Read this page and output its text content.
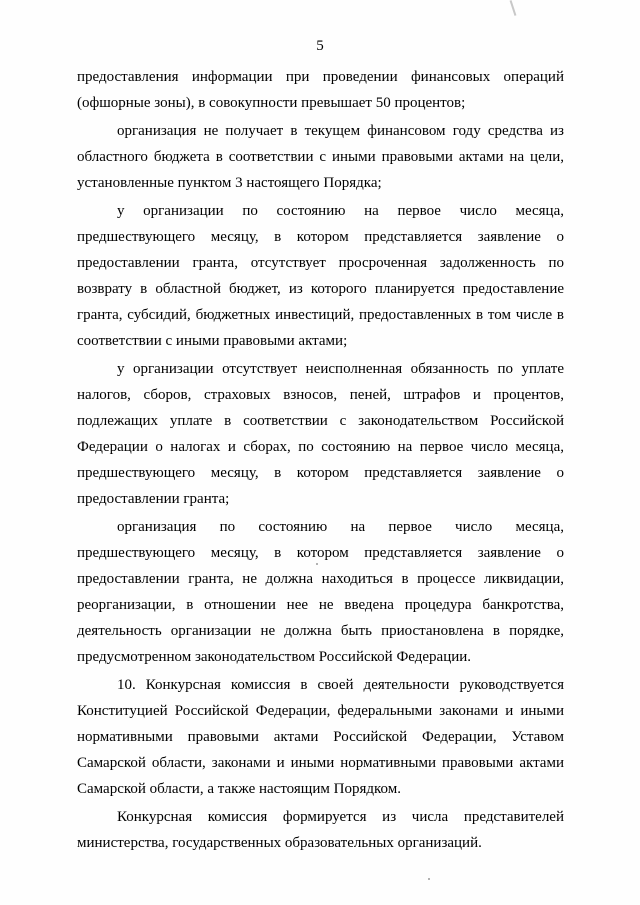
5
предоставления информации при проведении финансовых операций
(офшорные зоны), в совокупности превышает 50 процентов;
организация не получает в текущем финансовом году средства из
областного бюджета в соответствии с иными правовыми актами на цели,
установленные пунктом 3 настоящего Порядка;
у организации по состоянию на первое число месяца,
предшествующего месяцу, в котором представляется заявление о
предоставлении гранта, отсутствует просроченная задолженность по
возврату в областной бюджет, из которого планируется предоставление
гранта, субсидий, бюджетных инвестиций, предоставленных в том числе в
соответствии с иными правовыми актами;
у организации отсутствует неисполненная обязанность по уплате
налогов, сборов, страховых взносов, пеней, штрафов и процентов,
подлежащих уплате в соответствии с законодательством Российской
Федерации о налогах и сборах, по состоянию на первое число месяца,
предшествующего месяцу, в котором представляется заявление о
предоставлении гранта;
организация по состоянию на первое число месяца,
предшествующего месяцу, в котором представляется заявление о
предоставлении гранта, не должна находиться в процессе ликвидации,
реорганизации, в отношении нее не введена процедура банкротства,
деятельность организации не должна быть приостановлена в порядке,
предусмотренном законодательством Российской Федерации.
10. Конкурсная комиссия в своей деятельности руководствуется
Конституцией Российской Федерации, федеральными законами и иными
нормативными правовыми актами Российской Федерации, Уставом
Самарской области, законами и иными нормативными правовыми актами
Самарской области, а также настоящим Порядком.
Конкурсная комиссия формируется из числа представителей
министерства, государственных образовательных организаций.
